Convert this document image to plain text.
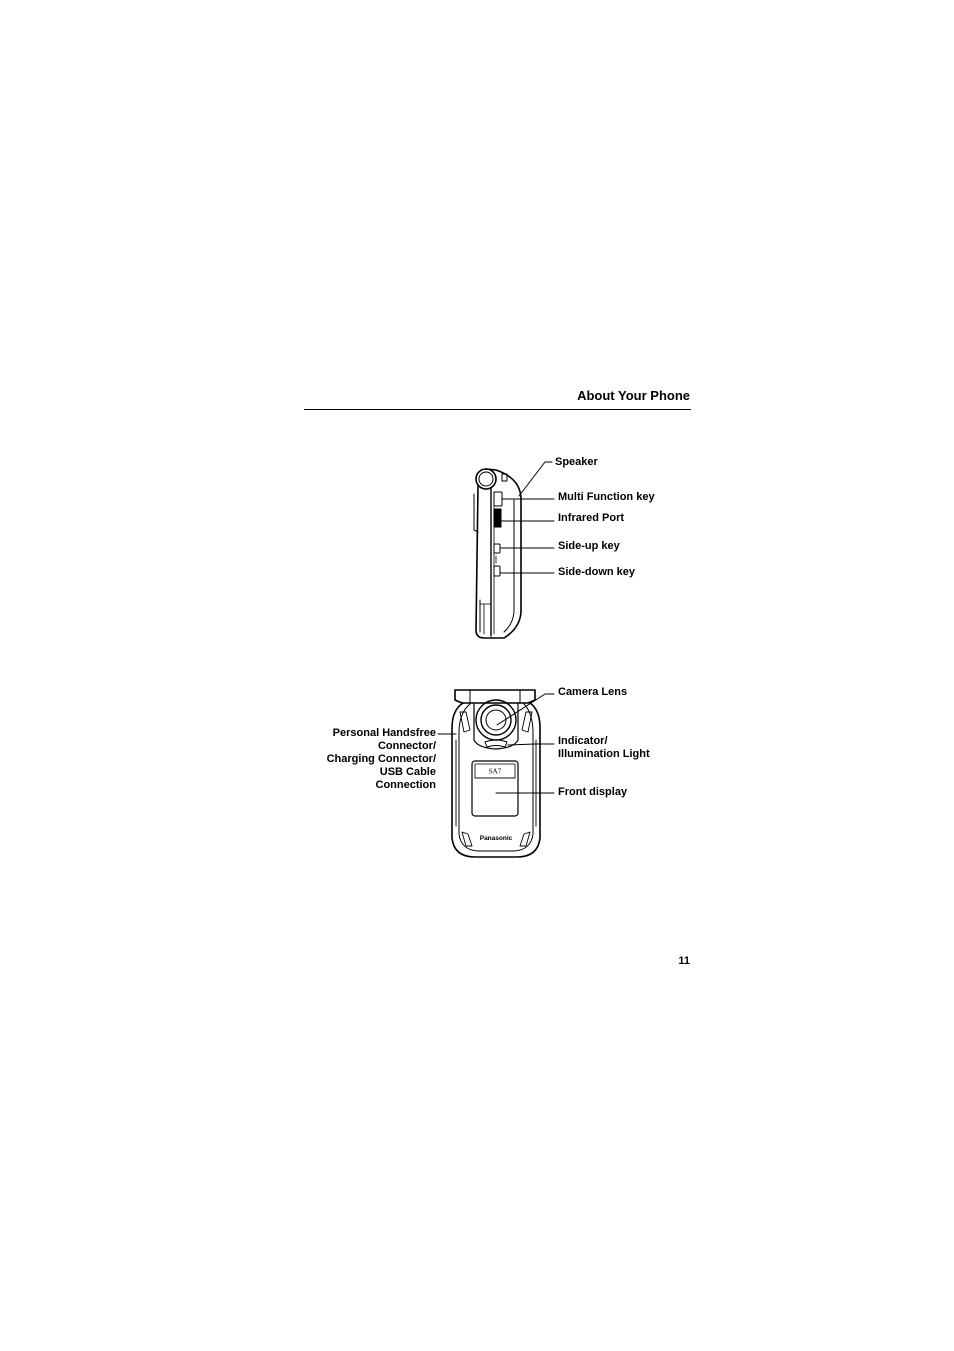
About Your Phone
SA7
Panasonic
Speaker
Multi Function key
Infrared Port
Side-up key
Side-down key
Camera Lens
Indicator/
Illumination Light
Front display
Personal Handsfree
Connector/
Charging Connector/
USB Cable
Connection
11
